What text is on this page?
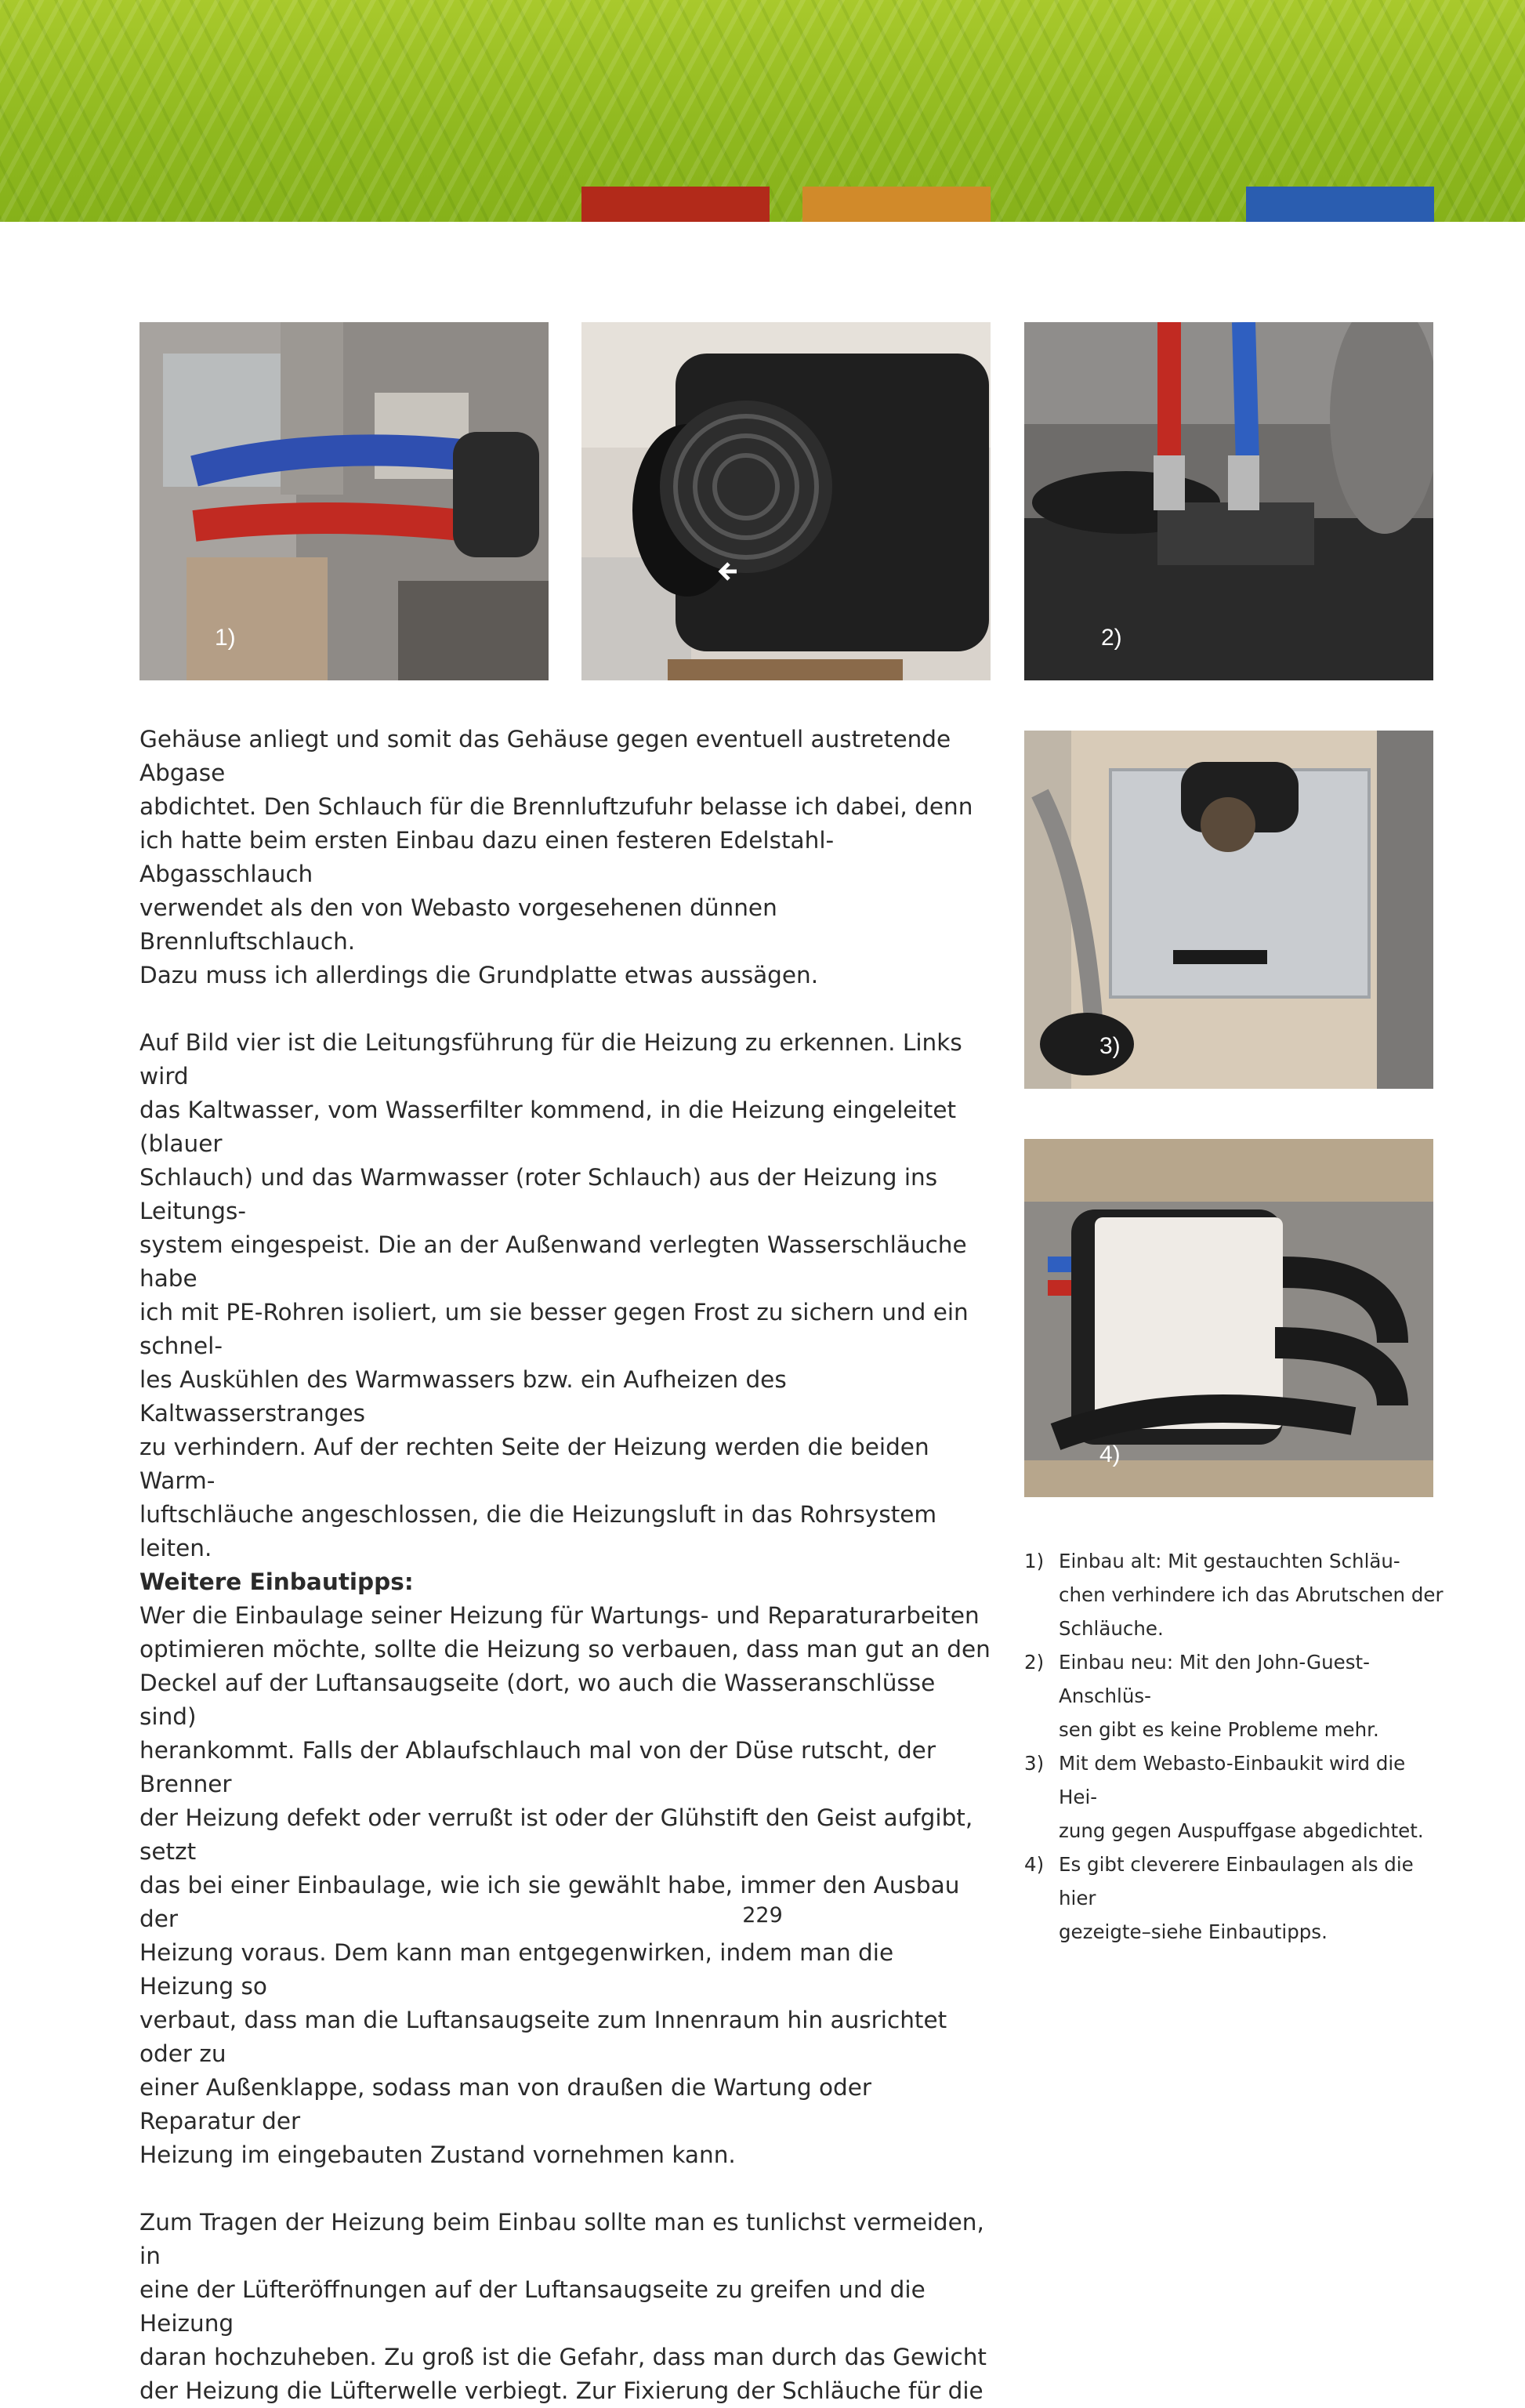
1)	2)
3)
4)

Gehäuse anliegt und somit das Gehäuse gegen eventuell austretende Abgase
abdichtet. Den Schlauch für die Brennluftzufuhr belasse ich dabei, denn
ich hatte beim ersten Einbau dazu einen festeren Edelstahl-Abgasschlauch
verwendet als den von Webasto vorgesehenen dünnen Brennluftschlauch.
Dazu muss ich allerdings die Grundplatte etwas aussägen.

Auf Bild vier ist die Leitungsführung für die Heizung zu erkennen. Links wird
das Kaltwasser, vom Wasserfilter kommend, in die Heizung eingeleitet (blauer
Schlauch) und das Warmwasser (roter Schlauch) aus der Heizung ins Leitungs-
system eingespeist. Die an der Außenwand verlegten Wasserschläuche habe
ich mit PE-Rohren isoliert, um sie besser gegen Frost zu sichern und ein schnel-
les Auskühlen des Warmwassers bzw. ein Aufheizen des Kaltwasserstranges
zu verhindern. Auf der rechten Seite der Heizung werden die beiden Warm-
luftschläuche angeschlossen, die die Heizungsluft in das Rohrsystem leiten.

Weitere Einbautipps:

Wer die Einbaulage seiner Heizung für Wartungs- und Reparaturarbeiten
optimieren möchte, sollte die Heizung so verbauen, dass man gut an den
Deckel auf der Luftansaugseite (dort, wo auch die Wasseranschlüsse sind)
herankommt. Falls der Ablaufschlauch mal von der Düse rutscht, der Brenner
der Heizung defekt oder verrußt ist oder der Glühstift den Geist aufgibt, setzt
das bei einer Einbaulage, wie ich sie gewählt habe, immer den Ausbau der
Heizung voraus. Dem kann man entgegenwirken, indem man die Heizung so
verbaut, dass man die Luftansaugseite zum Innenraum hin ausrichtet oder zu
einer Außenklappe, sodass man von draußen die Wartung oder Reparatur der
Heizung im eingebauten Zustand vornehmen kann.

Zum Tragen der Heizung beim Einbau sollte man es tunlichst vermeiden, in
eine der Lüfteröffnungen auf der Luftansaugseite zu greifen und die Heizung
daran hochzuheben. Zu groß ist die Gefahr, dass man durch das Gewicht
der Heizung die Lüfterwelle verbiegt. Zur Fixierung der Schläuche für die

1) Einbau alt: Mit gestauchten Schläu-
chen verhindere ich das Abrutschen der
Schläuche.
2) Einbau neu: Mit den John-Guest-Anschlüs-
sen gibt es keine Probleme mehr.
3) Mit dem Webasto-Einbaukit wird die Hei-
zung gegen Auspuffgase abgedichtet.
4) Es gibt cleverere Einbaulagen als die hier
gezeigte–siehe Einbautipps.
229
